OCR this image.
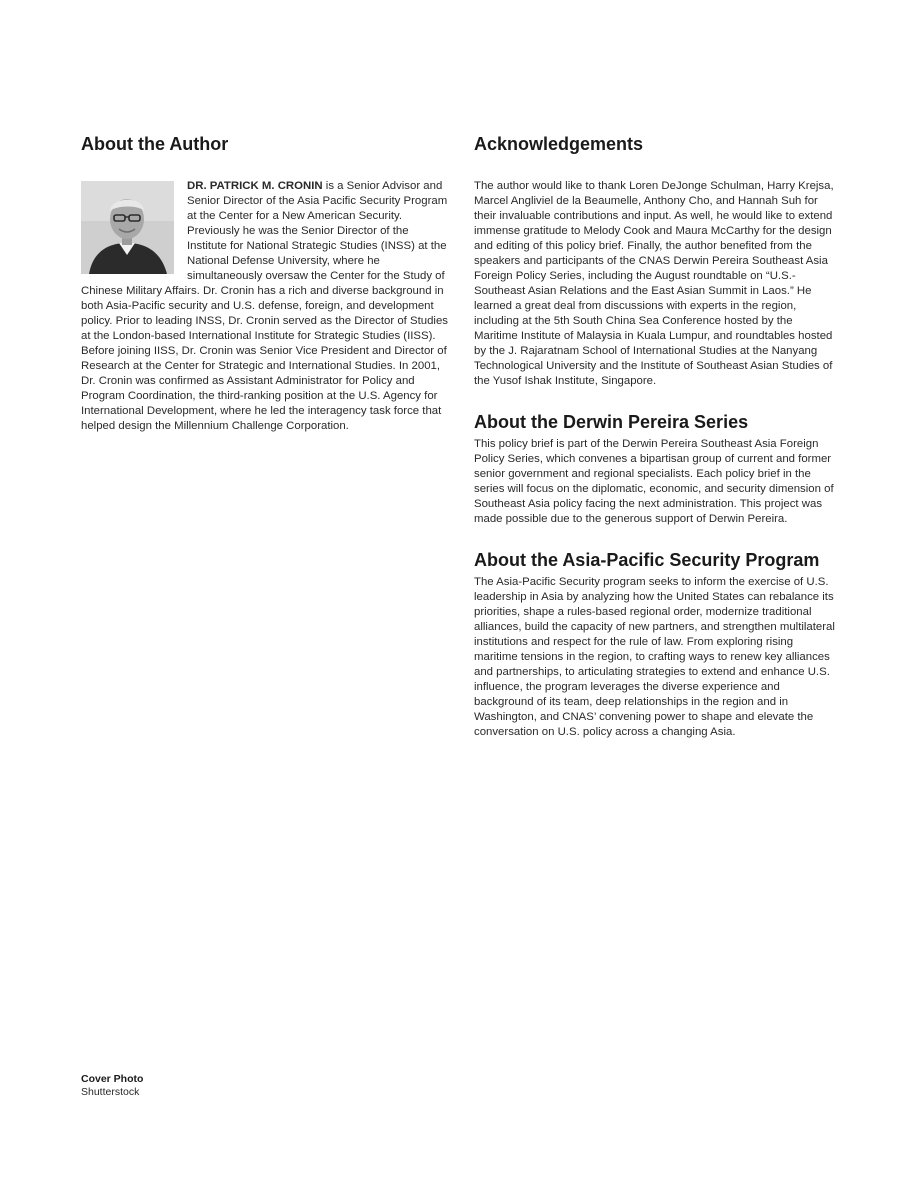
About the Author

DR. PATRICK M. CRONIN is a Senior Advisor and Senior Director of the Asia Pacific Security Program at the Center for a New American Security. Previously he was the Senior Director of the Institute for National Strategic Studies (INSS) at the National Defense University, where he simultaneously oversaw the Center for the Study of Chinese Military Affairs. Dr. Cronin has a rich and diverse background in both Asia-Pacific security and U.S. defense, foreign, and development policy. Prior to leading INSS, Dr. Cronin served as the Director of Studies at the London-based International Institute for Strategic Studies (IISS). Before joining IISS, Dr. Cronin was Senior Vice President and Director of Research at the Center for Strategic and International Studies. In 2001, Dr. Cronin was confirmed as Assistant Administrator for Policy and Program Coordination, the third-ranking position at the U.S. Agency for International Development, where he led the interagency task force that helped design the Millennium Challenge Corporation.

Acknowledgements

The author would like to thank Loren DeJonge Schulman, Harry Krejsa, Marcel Angliviel de la Beaumelle, Anthony Cho, and Hannah Suh for their invaluable contributions and input. As well, he would like to extend immense gratitude to Melody Cook and Maura McCarthy for the design and editing of this policy brief. Finally, the author benefited from the speakers and participants of the CNAS Derwin Pereira Southeast Asia Foreign Policy Series, including the August roundtable on “U.S.-Southeast Asian Relations and the East Asian Summit in Laos.” He learned a great deal from discussions with experts in the region, including at the 5th South China Sea Conference hosted by the Maritime Institute of Malaysia in Kuala Lumpur, and roundtables hosted by the J. Rajaratnam School of International Studies at the Nanyang Technological University and the Institute of Southeast Asian Studies of the Yusof Ishak Institute, Singapore.

About the Derwin Pereira Series

This policy brief is part of the Derwin Pereira Southeast Asia Foreign Policy Series, which convenes a bipartisan group of current and former senior government and regional specialists. Each policy brief in the series will focus on the diplomatic, economic, and security dimension of Southeast Asia policy facing the next administration. This project was made possible due to the generous support of Derwin Pereira.

About the Asia-Pacific Security Program

The Asia-Pacific Security program seeks to inform the exercise of U.S. leadership in Asia by analyzing how the United States can rebalance its priorities, shape a rules-based regional order, modernize traditional alliances, build the capacity of new partners, and strengthen multilateral institutions and respect for the rule of law. From exploring rising maritime tensions in the region, to crafting ways to renew key alliances and partnerships, to articulating strategies to extend and enhance U.S. influence, the program leverages the diverse experience and background of its team, deep relationships in the region and in Washington, and CNAS’ convening power to shape and elevate the conversation on U.S. policy across a changing Asia.

Cover Photo
Shutterstock
